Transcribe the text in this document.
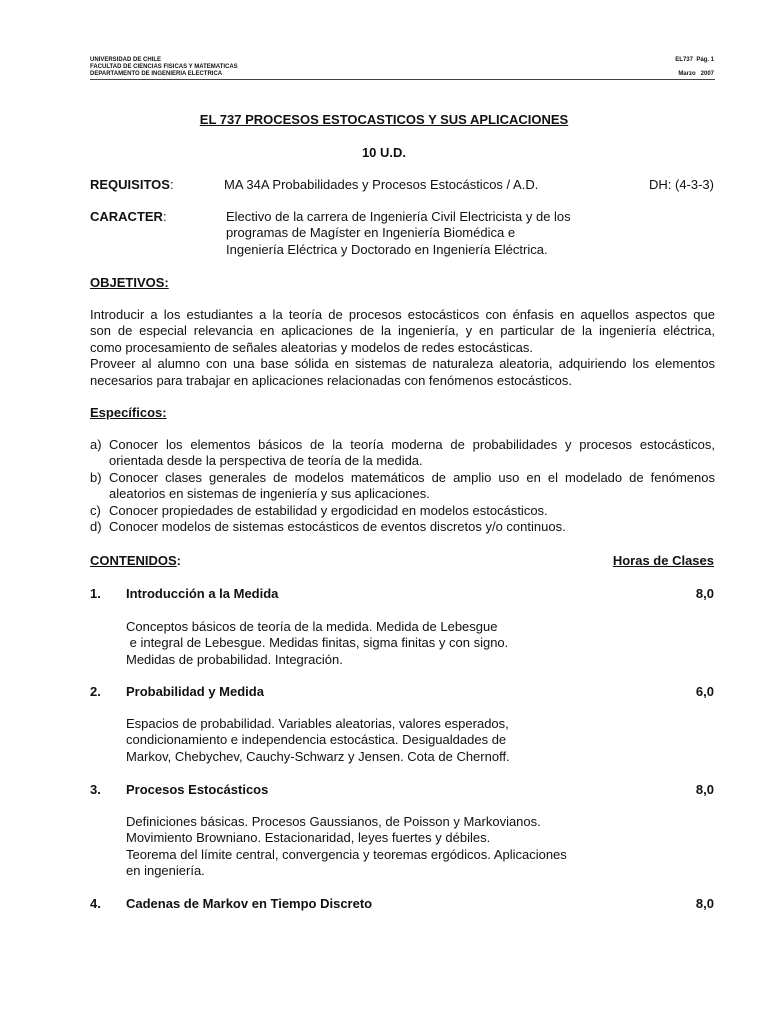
UNIVERSIDAD DE CHILE
FACULTAD DE CIENCIAS FISICAS Y MATEMATICAS
DEPARTAMENTO DE INGENIERIA ELECTRICA
EL737 Pág. 1
Marzo   2007
EL 737 PROCESOS ESTOCASTICOS Y SUS APLICACIONES
10 U.D.
REQUISITOS:	MA 34A Probabilidades y Procesos Estocásticos / A.D.	DH: (4-3-3)
CARACTER:	Electivo de la carrera de Ingeniería Civil Electricista y de los
programas de Magíster en Ingeniería Biomédica e
Ingeniería Eléctrica y Doctorado en Ingeniería Eléctrica.
OBJETIVOS:
Introducir a los estudiantes a la teoría de procesos estocásticos con énfasis en aquellos aspectos que
son de especial relevancia en aplicaciones de la ingeniería, y en particular de la ingeniería eléctrica,
como procesamiento de señales aleatorias y modelos de redes estocásticas.
Proveer al alumno con una base sólida en sistemas de naturaleza aleatoria, adquiriendo los elementos
necesarios para trabajar en aplicaciones relacionadas con fenómenos estocásticos.
Específicos:
a) Conocer los elementos básicos de la teoría moderna de probabilidades y procesos estocásticos,
orientada desde la perspectiva de teoría de la medida.
b) Conocer clases generales de modelos matemáticos de amplio uso en el modelado de fenómenos
aleatorios en sistemas de ingeniería y sus aplicaciones.
c) Conocer propiedades de estabilidad y ergodicidad en modelos estocásticos.
d) Conocer modelos de sistemas estocásticos de eventos discretos y/o continuos.
CONTENIDOS:	Horas de Clases
1. Introducción a la Medida	8,0
Conceptos básicos de teoría de la medida. Medida de Lebesgue
e integral de Lebesgue. Medidas finitas, sigma finitas y con signo.
Medidas de probabilidad. Integración.
2. Probabilidad y Medida	6,0
Espacios de probabilidad. Variables aleatorias, valores esperados,
condicionamiento e independencia estocástica. Desigualdades de
Markov, Chebychev, Cauchy-Schwarz y Jensen. Cota de Chernoff.
3. Procesos Estocásticos	8,0
Definiciones básicas. Procesos Gaussianos, de Poisson y Markovianos.
Movimiento Browniano. Estacionaridad, leyes fuertes y débiles.
Teorema del límite central, convergencia y teoremas ergódicos. Aplicaciones
en ingeniería.
4. Cadenas de Markov en Tiempo Discreto	8,0
